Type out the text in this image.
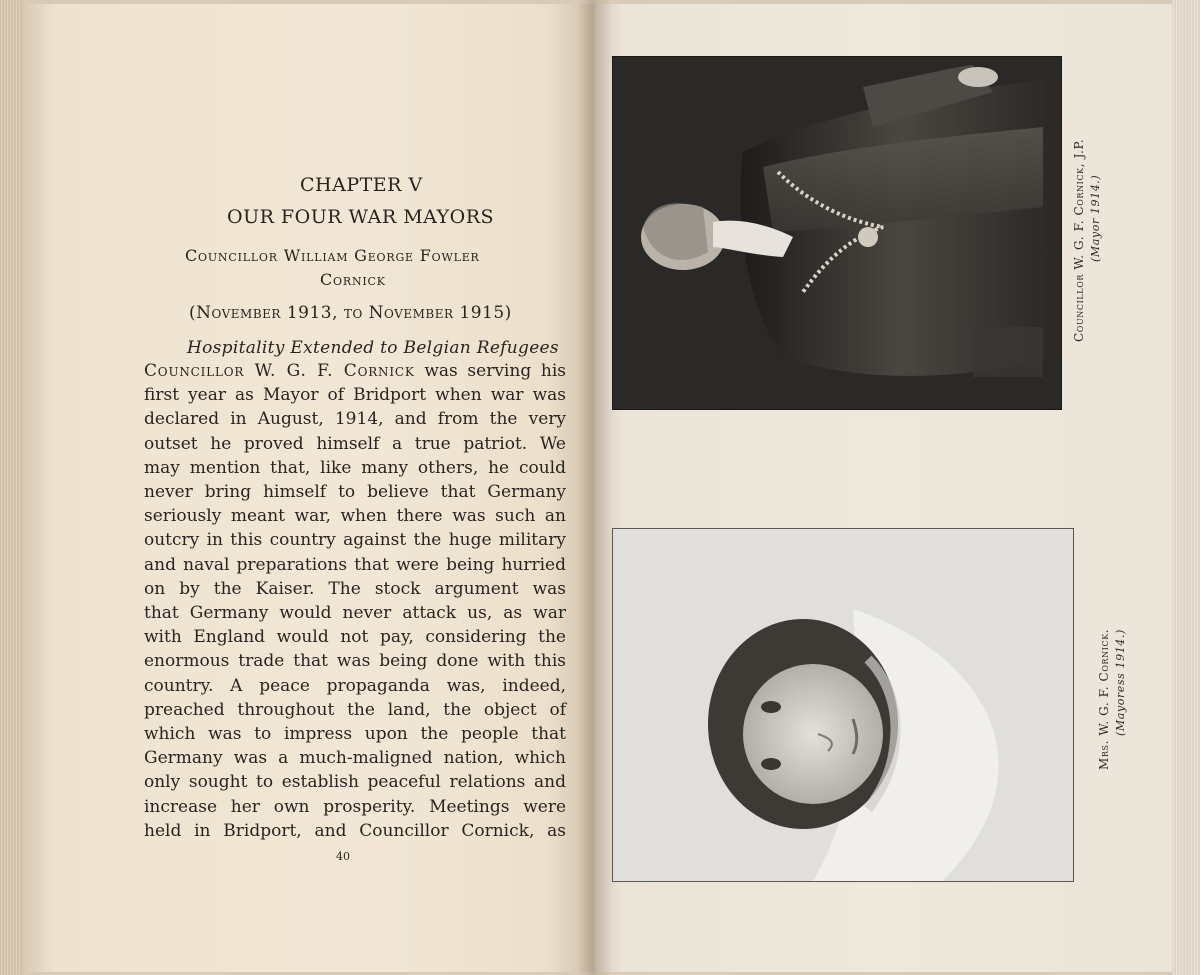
CHAPTER V
OUR FOUR WAR MAYORS
Councillor William George Fowler
Cornick
(November 1913, to November 1915)
Hospitality Extended to Belgian Refugees
Councillor W. G. F. Cornick was serving his
first year as Mayor of Bridport when war was
declared in August, 1914, and from the very
outset he proved himself a true patriot. We
may mention that, like many others, he could
never bring himself to believe that Germany
seriously meant war, when there was such an
outcry in this country against the huge military
and naval preparations that were being hurried
on by the Kaiser. The stock argument was
that Germany would never attack us, as war
with England would not pay, considering the
enormous trade that was being done with this
country. A peace propaganda was, indeed,
preached throughout the land, the object of
which was to impress upon the people that
Germany was a much-maligned nation, which
only sought to establish peaceful relations and
increase her own prosperity. Meetings were
held in Bridport, and Councillor Cornick, as
40
Councillor W. G. F. Cornick, J.P. (Mayor 1914.)
Mrs. W. G. F. Cornick. (Mayoress 1914.)
